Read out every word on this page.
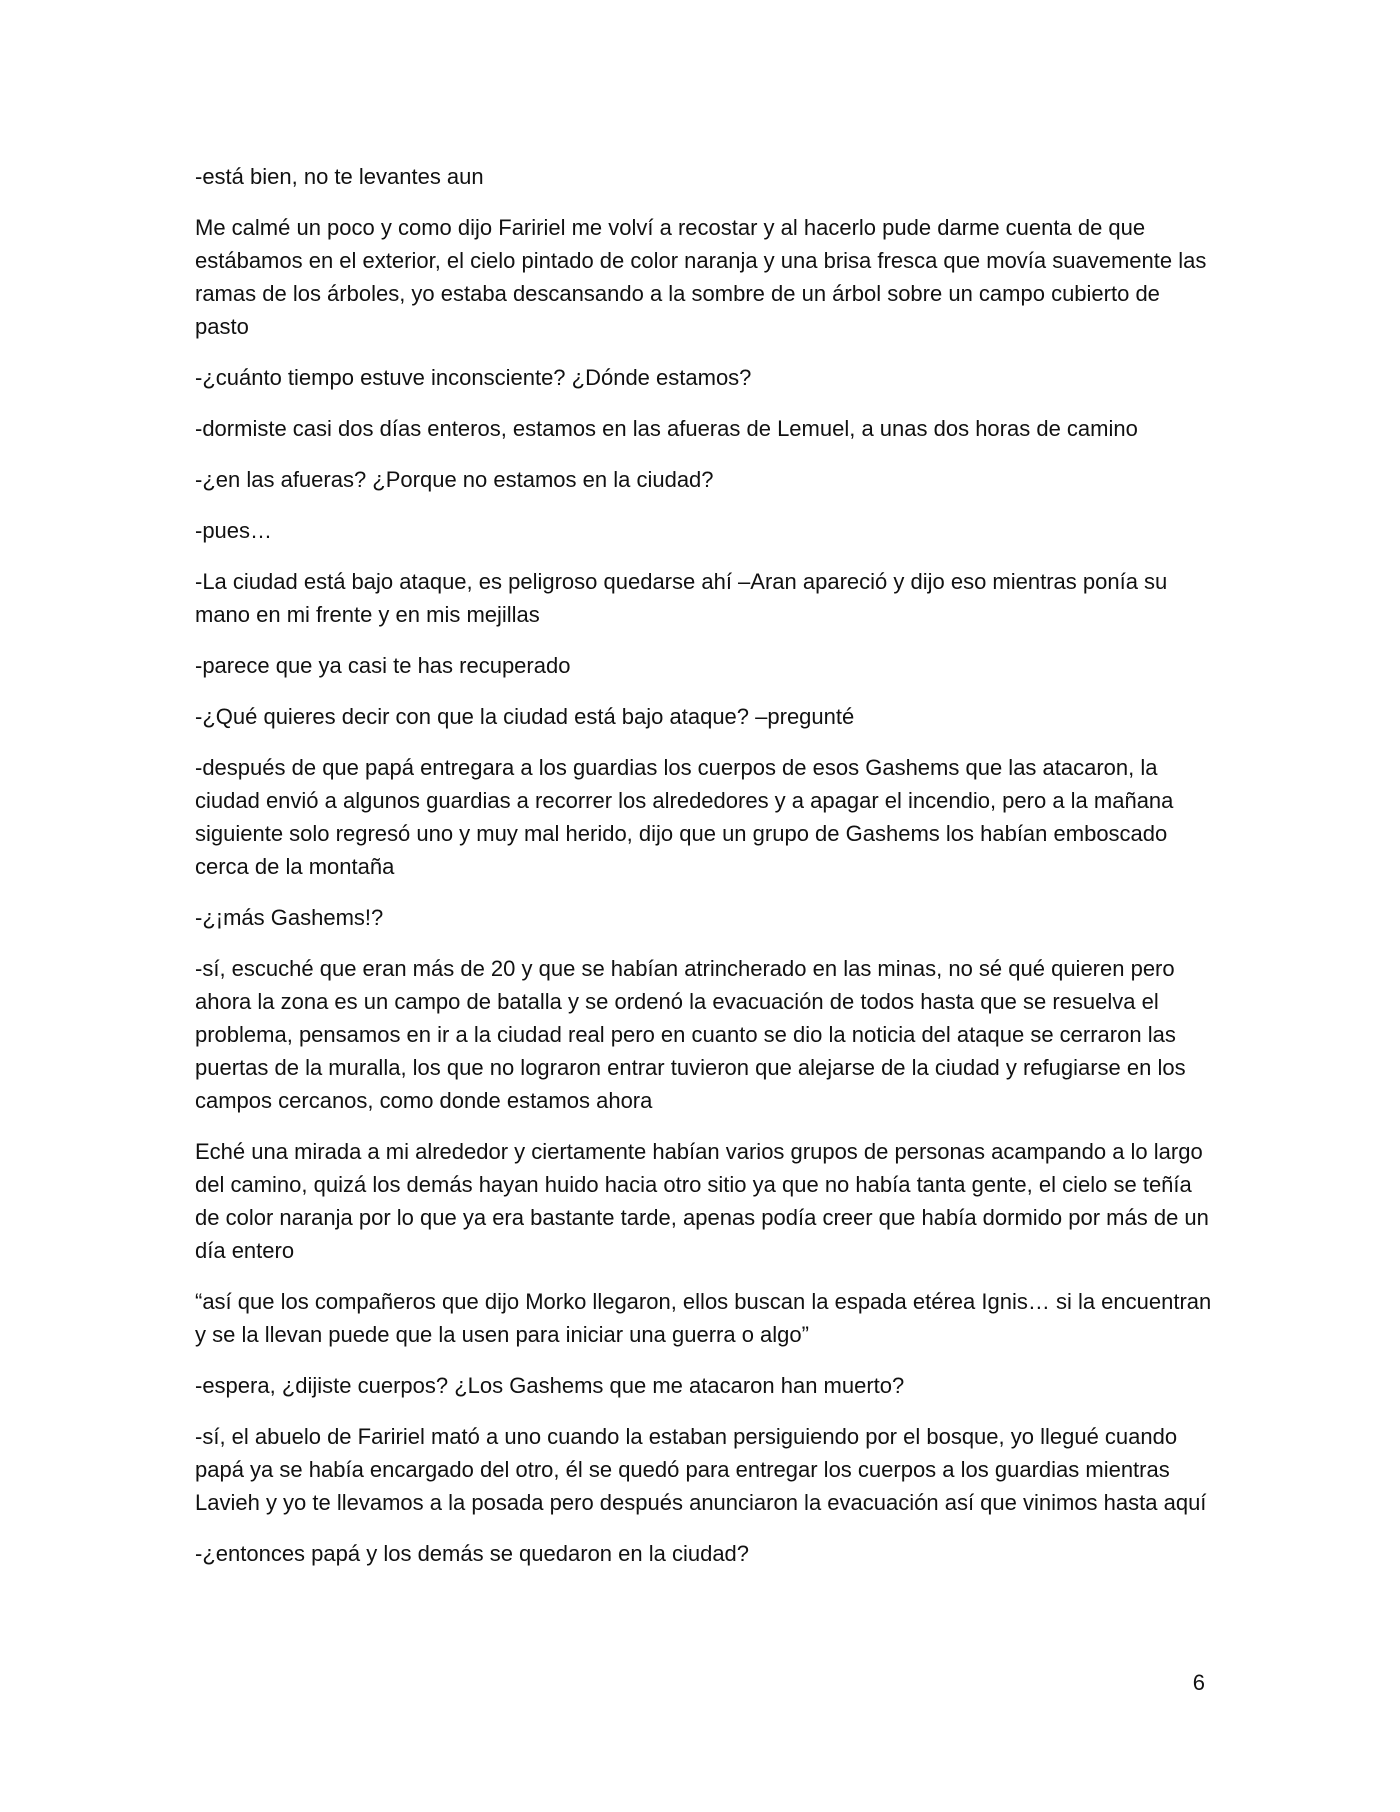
-está bien, no te levantes aun

Me calmé un poco y como dijo Faririel me volví a recostar y al hacerlo pude darme cuenta de que estábamos en el exterior, el cielo pintado de color naranja y una brisa fresca que movía suavemente las ramas de los árboles, yo estaba descansando a la sombre de un árbol sobre un campo cubierto de pasto

-¿cuánto tiempo estuve inconsciente? ¿Dónde estamos?

-dormiste casi dos días enteros, estamos en las afueras de Lemuel, a unas dos horas de camino

-¿en las afueras? ¿Porque no estamos en la ciudad?

-pues…

-La ciudad está bajo ataque, es peligroso quedarse ahí –Aran apareció y dijo eso mientras ponía su mano en mi frente y en mis mejillas

-parece que ya casi te has recuperado

-¿Qué quieres decir con que la ciudad está bajo ataque? –pregunté

-después de que papá entregara a los guardias los cuerpos de esos Gashems que las atacaron, la ciudad envió a algunos guardias a recorrer los alrededores y a apagar el incendio, pero a la mañana siguiente solo regresó uno y muy mal herido, dijo que un grupo de Gashems los habían emboscado cerca de la montaña

-¿¡más Gashems!?

-sí, escuché que eran más de 20 y que se habían atrincherado en las minas, no sé qué quieren pero ahora la zona es un campo de batalla y se ordenó la evacuación de todos hasta que se resuelva el problema, pensamos en ir a la ciudad real pero en cuanto se dio la noticia del ataque se cerraron las puertas de la muralla, los que no lograron entrar tuvieron que alejarse de la ciudad y refugiarse en los campos cercanos, como donde estamos ahora

Eché una mirada a mi alrededor y ciertamente habían varios grupos de personas acampando a lo largo del camino, quizá los demás hayan huido hacia otro sitio ya que no había tanta gente, el cielo se teñía de color naranja por lo que ya era bastante tarde, apenas podía creer que había dormido por más de un día entero

“así que los compañeros que dijo Morko llegaron, ellos buscan la espada etérea Ignis… si la encuentran y se la llevan puede que la usen para iniciar una guerra o algo”

-espera, ¿dijiste cuerpos? ¿Los Gashems que me atacaron han muerto?

-sí, el abuelo de Faririel mató a uno cuando la estaban persiguiendo por el bosque, yo llegué cuando papá ya se había encargado del otro, él se quedó para entregar los cuerpos a los guardias mientras Lavieh y yo te llevamos a la posada pero después anunciaron la evacuación así que vinimos hasta aquí

-¿entonces papá y los demás se quedaron en la ciudad?

6
